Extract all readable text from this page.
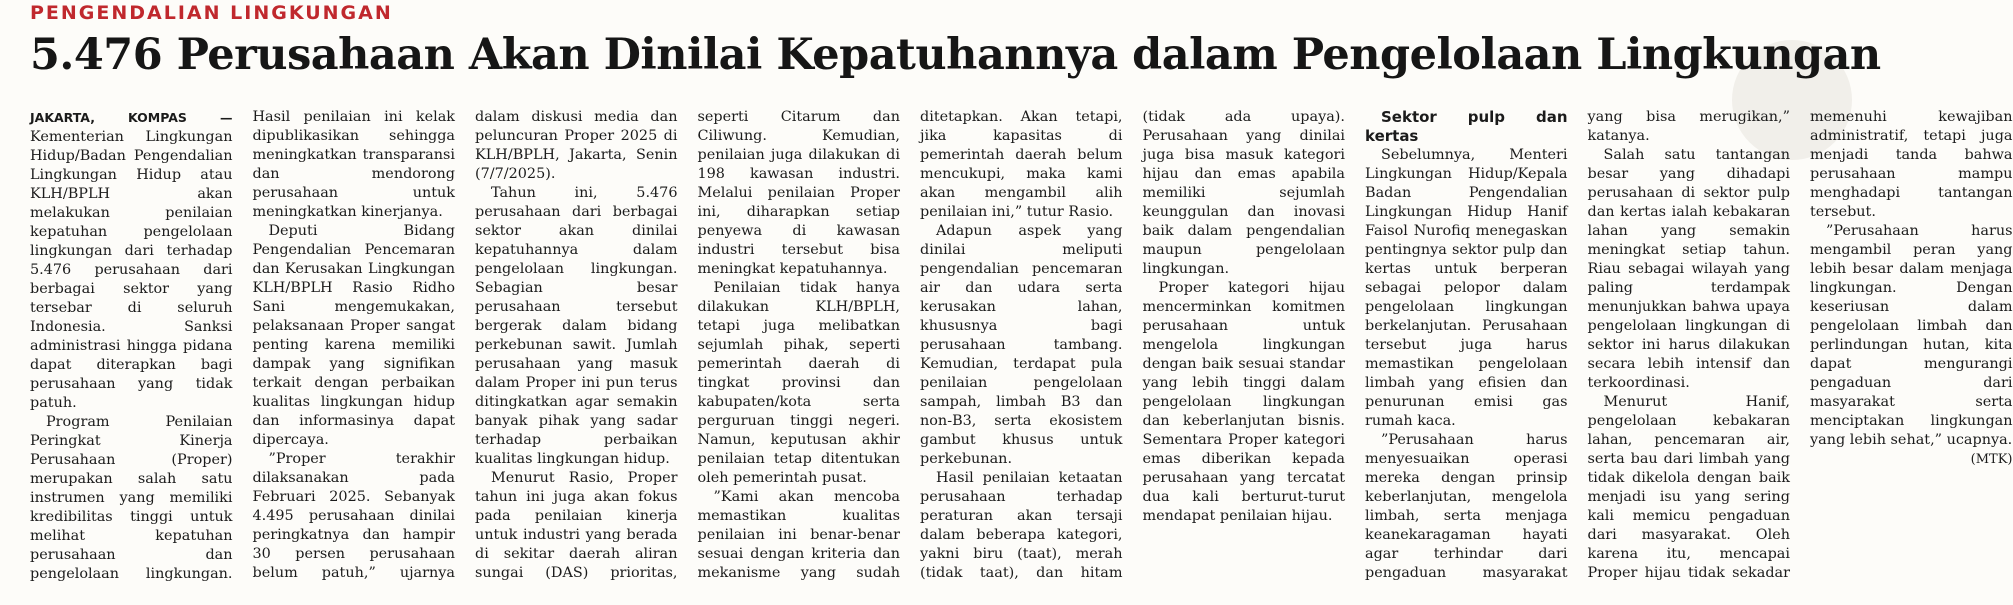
PENGENDALIAN LINGKUNGAN
5.476 Perusahaan Akan Dinilai Kepatuhannya dalam Pengelolaan Lingkungan

JAKARTA, KOMPAS — Kementerian Lingkungan Hidup/Badan Pengendalian Lingkungan Hidup atau KLH/BPLH akan melakukan penilaian kepatuhan pengelolaan lingkungan dari terhadap 5.476 perusahaan dari berbagai sektor yang tersebar di seluruh Indonesia. Sanksi administrasi hingga pidana dapat diterapkan bagi perusahaan yang tidak patuh.

Program Penilaian Peringkat Kinerja Perusahaan (Proper) merupakan salah satu instrumen yang memiliki kredibilitas tinggi untuk melihat kepatuhan perusahaan dan pengelolaan lingkungan. Hasil penilaian ini kelak dipublikasikan sehingga meningkatkan transparansi dan mendorong perusahaan untuk meningkatkan kinerjanya.

Deputi Bidang Pengendalian Pencemaran dan Kerusakan Lingkungan KLH/BPLH Rasio Ridho Sani mengemukakan, pelaksanaan Proper sangat penting karena memiliki dampak yang signifikan terkait dengan perbaikan kualitas lingkungan hidup dan informasinya dapat dipercaya.

”Proper terakhir dilaksanakan pada Februari 2025. Sebanyak 4.495 perusahaan dinilai peringkatnya dan hampir 30 persen perusahaan belum patuh,” ujarnya dalam diskusi media dan peluncuran Proper 2025 di KLH/BPLH, Jakarta, Senin (7/7/2025).

Tahun ini, 5.476 perusahaan dari berbagai sektor akan dinilai kepatuhannya dalam pengelolaan lingkungan. Sebagian besar perusahaan tersebut bergerak dalam bidang perkebunan sawit. Jumlah perusahaan yang masuk dalam Proper ini pun terus ditingkatkan agar semakin banyak pihak yang sadar terhadap perbaikan kualitas lingkungan hidup.

Menurut Rasio, Proper tahun ini juga akan fokus pada penilaian kinerja untuk industri yang berada di sekitar daerah aliran sungai (DAS) prioritas, seperti Citarum dan Ciliwung. Kemudian, penilaian juga dilakukan di 198 kawasan industri. Melalui penilaian Proper ini, diharapkan setiap penyewa di kawasan industri tersebut bisa meningkat kepatuhannya.

Penilaian tidak hanya dilakukan KLH/BPLH, tetapi juga melibatkan sejumlah pihak, seperti pemerintah daerah di tingkat provinsi dan kabupaten/kota serta perguruan tinggi negeri. Namun, keputusan akhir penilaian tetap ditentukan oleh pemerintah pusat.

”Kami akan mencoba memastikan kualitas penilaian ini benar-benar sesuai dengan kriteria dan mekanisme yang sudah ditetapkan. Akan tetapi, jika kapasitas di pemerintah daerah belum mencukupi, maka kami akan mengambil alih penilaian ini,” tutur Rasio.

Adapun aspek yang dinilai meliputi pengendalian pencemaran air dan udara serta kerusakan lahan, khususnya bagi perusahaan tambang. Kemudian, terdapat pula penilaian pengelolaan sampah, limbah B3 dan non-B3, serta ekosistem gambut khusus untuk perkebunan.

Hasil penilaian ketaatan perusahaan terhadap peraturan akan tersaji dalam beberapa kategori, yakni biru (taat), merah (tidak taat), dan hitam (tidak ada upaya). Perusahaan yang dinilai juga bisa masuk kategori hijau dan emas apabila memiliki sejumlah keunggulan dan inovasi baik dalam pengendalian maupun pengelolaan lingkungan.

Proper kategori hijau mencerminkan komitmen perusahaan untuk mengelola lingkungan dengan baik sesuai standar yang lebih tinggi dalam pengelolaan lingkungan dan keberlanjutan bisnis. Sementara Proper kategori emas diberikan kepada perusahaan yang tercatat dua kali berturut-turut mendapat penilaian hijau.

Sektor pulp dan kertas

Sebelumnya, Menteri Lingkungan Hidup/Kepala Badan Pengendalian Lingkungan Hidup Hanif Faisol Nurofiq menegaskan pentingnya sektor pulp dan kertas untuk berperan sebagai pelopor dalam pengelolaan lingkungan berkelanjutan. Perusahaan tersebut juga harus memastikan pengelolaan limbah yang efisien dan penurunan emisi gas rumah kaca.

”Perusahaan harus menyesuaikan operasi mereka dengan prinsip keberlanjutan, mengelola limbah, serta menjaga keanekaragaman hayati agar terhindar dari pengaduan masyarakat yang bisa merugikan,” katanya.

Salah satu tantangan besar yang dihadapi perusahaan di sektor pulp dan kertas ialah kebakaran lahan yang semakin meningkat setiap tahun. Riau sebagai wilayah yang paling terdampak menunjukkan bahwa upaya pengelolaan lingkungan di sektor ini harus dilakukan secara lebih intensif dan terkoordinasi.

Menurut Hanif, pengelolaan kebakaran lahan, pencemaran air, serta bau dari limbah yang tidak dikelola dengan baik menjadi isu yang sering kali memicu pengaduan dari masyarakat. Oleh karena itu, mencapai Proper hijau tidak sekadar memenuhi kewajiban administratif, tetapi juga menjadi tanda bahwa perusahaan mampu menghadapi tantangan tersebut.

”Perusahaan harus mengambil peran yang lebih besar dalam menjaga lingkungan. Dengan keseriusan dalam pengelolaan limbah dan perlindungan hutan, kita dapat mengurangi pengaduan dari masyarakat serta menciptakan lingkungan yang lebih sehat,” ucapnya.

(MTK)
